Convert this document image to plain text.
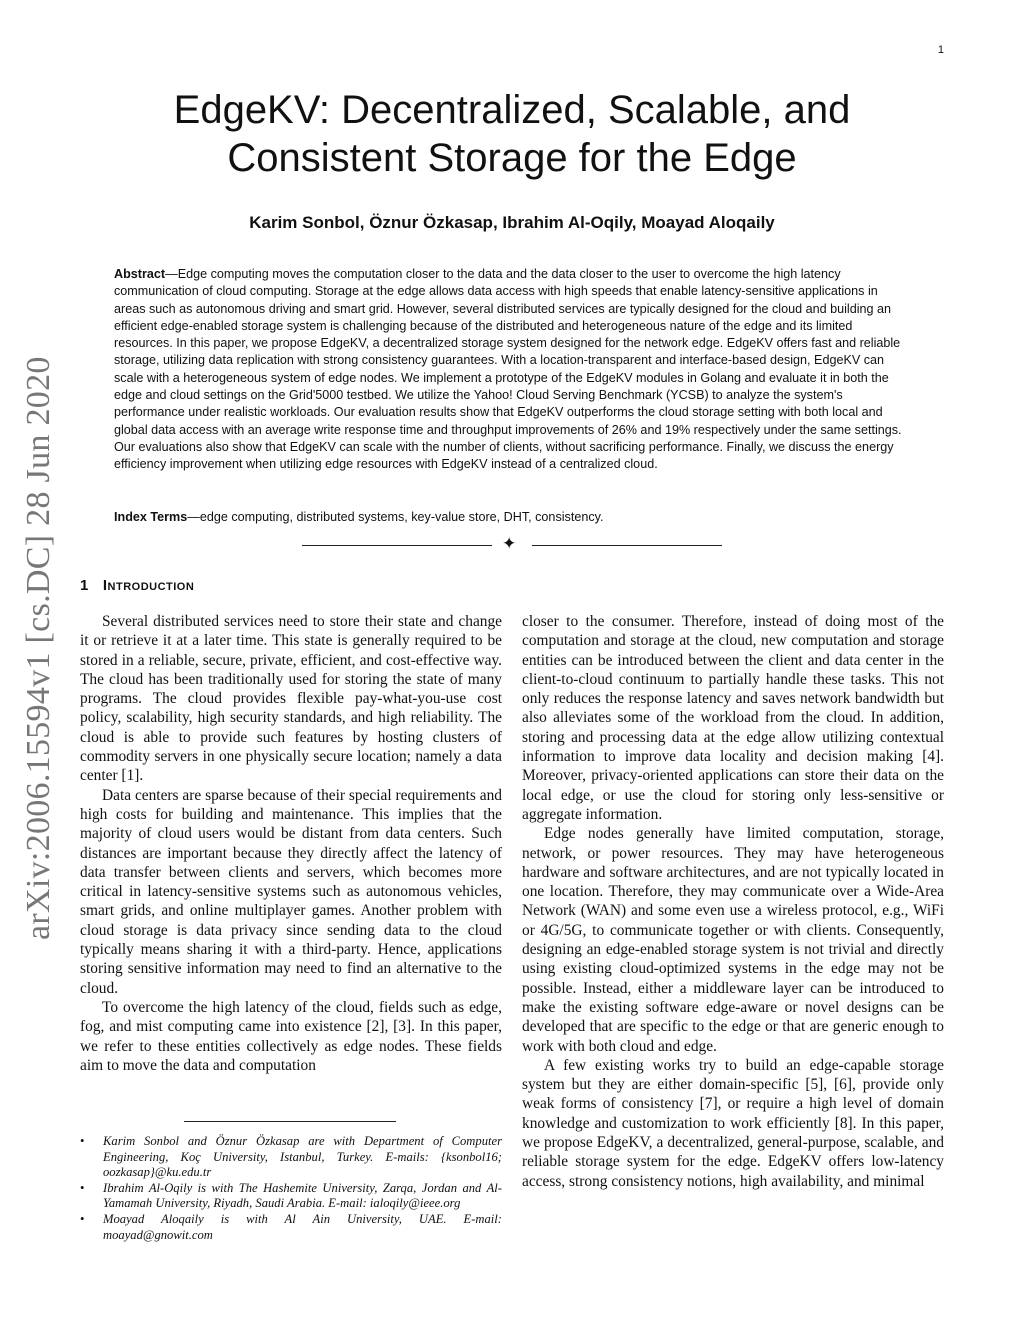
1
arXiv:2006.15594v1 [cs.DC] 28 Jun 2020
EdgeKV: Decentralized, Scalable, and
Consistent Storage for the Edge
Karim Sonbol, Öznur Özkasap, Ibrahim Al-Oqily, Moayad Aloqaily
Abstract—Edge computing moves the computation closer to the data and the data closer to the user to overcome the high latency communication of cloud computing. Storage at the edge allows data access with high speeds that enable latency-sensitive applications in areas such as autonomous driving and smart grid. However, several distributed services are typically designed for the cloud and building an efficient edge-enabled storage system is challenging because of the distributed and heterogeneous nature of the edge and its limited resources. In this paper, we propose EdgeKV, a decentralized storage system designed for the network edge. EdgeKV offers fast and reliable storage, utilizing data replication with strong consistency guarantees. With a location-transparent and interface-based design, EdgeKV can scale with a heterogeneous system of edge nodes. We implement a prototype of the EdgeKV modules in Golang and evaluate it in both the edge and cloud settings on the Grid'5000 testbed. We utilize the Yahoo! Cloud Serving Benchmark (YCSB) to analyze the system's performance under realistic workloads. Our evaluation results show that EdgeKV outperforms the cloud storage setting with both local and global data access with an average write response time and throughput improvements of 26% and 19% respectively under the same settings. Our evaluations also show that EdgeKV can scale with the number of clients, without sacrificing performance. Finally, we discuss the energy efficiency improvement when utilizing edge resources with EdgeKV instead of a centralized cloud.
Index Terms—edge computing, distributed systems, key-value store, DHT, consistency.
✦
1 Introduction

Several distributed services need to store their state and change it or retrieve it at a later time. This state is generally required to be stored in a reliable, secure, private, efficient, and cost-effective way. The cloud has been traditionally used for storing the state of many programs. The cloud provides flexible pay-what-you-use cost policy, scalability, high security standards, and high reliability. The cloud is able to provide such features by hosting clusters of commodity servers in one physically secure location; namely a data center [1].

Data centers are sparse because of their special requirements and high costs for building and maintenance. This implies that the majority of cloud users would be distant from data centers. Such distances are important because they directly affect the latency of data transfer between clients and servers, which becomes more critical in latency-sensitive systems such as autonomous vehicles, smart grids, and online multiplayer games. Another problem with cloud storage is data privacy since sending data to the cloud typically means sharing it with a third-party. Hence, applications storing sensitive information may need to find an alternative to the cloud.

To overcome the high latency of the cloud, fields such as edge, fog, and mist computing came into existence [2], [3]. In this paper, we refer to these entities collectively as edge nodes. These fields aim to move the data and computation

closer to the consumer. Therefore, instead of doing most of the computation and storage at the cloud, new computation and storage entities can be introduced between the client and data center in the client-to-cloud continuum to partially handle these tasks. This not only reduces the response latency and saves network bandwidth but also alleviates some of the workload from the cloud. In addition, storing and processing data at the edge allow utilizing contextual information to improve data locality and decision making [4]. Moreover, privacy-oriented applications can store their data on the local edge, or use the cloud for storing only less-sensitive or aggregate information.

Edge nodes generally have limited computation, storage, network, or power resources. They may have heterogeneous hardware and software architectures, and are not typically located in one location. Therefore, they may communicate over a Wide-Area Network (WAN) and some even use a wireless protocol, e.g., WiFi or 4G/5G, to communicate together or with clients. Consequently, designing an edge-enabled storage system is not trivial and directly using existing cloud-optimized systems in the edge may not be possible. Instead, either a middleware layer can be introduced to make the existing software edge-aware or novel designs can be developed that are specific to the edge or that are generic enough to work with both cloud and edge.

A few existing works try to build an edge-capable storage system but they are either domain-specific [5], [6], provide only weak forms of consistency [7], or require a high level of domain knowledge and customization to work efficiently [8]. In this paper, we propose EdgeKV, a decentralized, general-purpose, scalable, and reliable storage system for the edge. EdgeKV offers low-latency access, strong consistency notions, high availability, and minimal

• Karim Sonbol and Öznur Özkasap are with Department of Computer Engineering, Koç University, Istanbul, Turkey. E-mails: {ksonbol16; oozkasap}@ku.edu.tr
• Ibrahim Al-Oqily is with The Hashemite University, Zarqa, Jordan and Al-Yamamah University, Riyadh, Saudi Arabia. E-mail: ialoqily@ieee.org
• Moayad Aloqaily is with Al Ain University, UAE. E-mail: moayad@gnowit.com
